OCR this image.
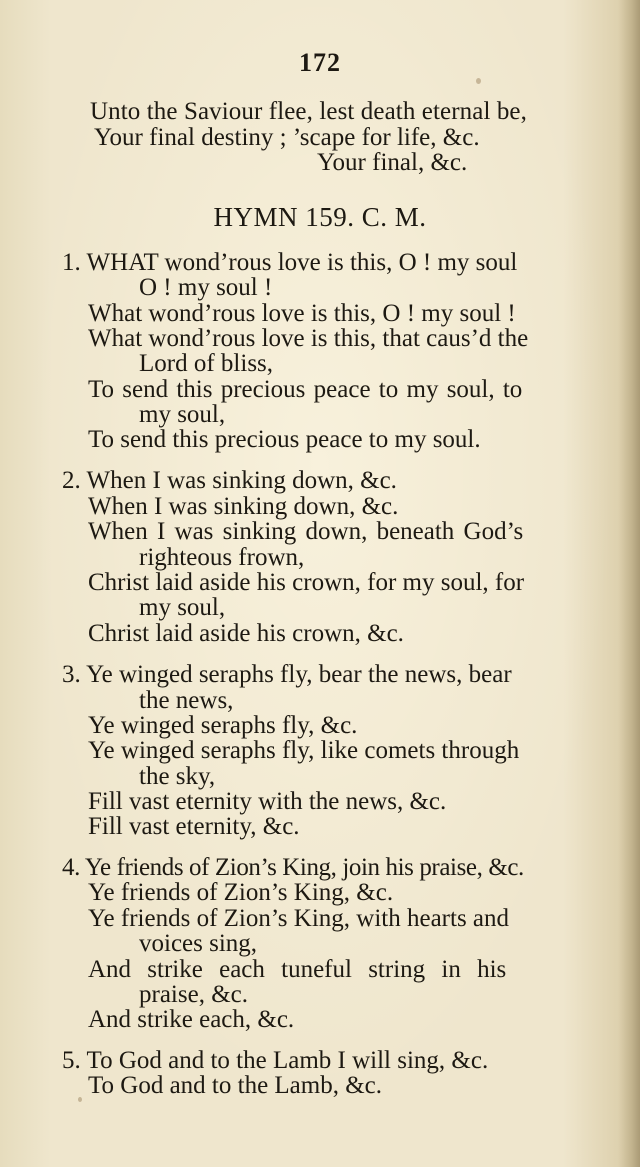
172
Unto the Saviour flee, lest death eternal be,
Your final destiny ; ’scape for life, &c.
Your final, &c.
HYMN 159. C. M.
1. WHAT wond’rous love is this, O ! my soul
O ! my soul !
What wond’rous love is this, O ! my soul !
What wond’rous love is this, that caus’d the
Lord of bliss,
To send this precious peace to my soul, to
my soul,
To send this precious peace to my soul.
2. When I was sinking down, &c.
When I was sinking down, &c.
When I was sinking down, beneath God’s
righteous frown,
Christ laid aside his crown, for my soul, for
my soul,
Christ laid aside his crown, &c.
3. Ye winged seraphs fly, bear the news, bear
the news,
Ye winged seraphs fly, &c.
Ye winged seraphs fly, like comets through
the sky,
Fill vast eternity with the news, &c.
Fill vast eternity, &c.
4. Ye friends of Zion’s King, join his praise, &c.
Ye friends of Zion’s King, &c.
Ye friends of Zion’s King, with hearts and
voices sing,
And strike each tuneful string in his
praise, &c.
And strike each, &c.
5. To God and to the Lamb I will sing, &c.
To God and to the Lamb, &c.
